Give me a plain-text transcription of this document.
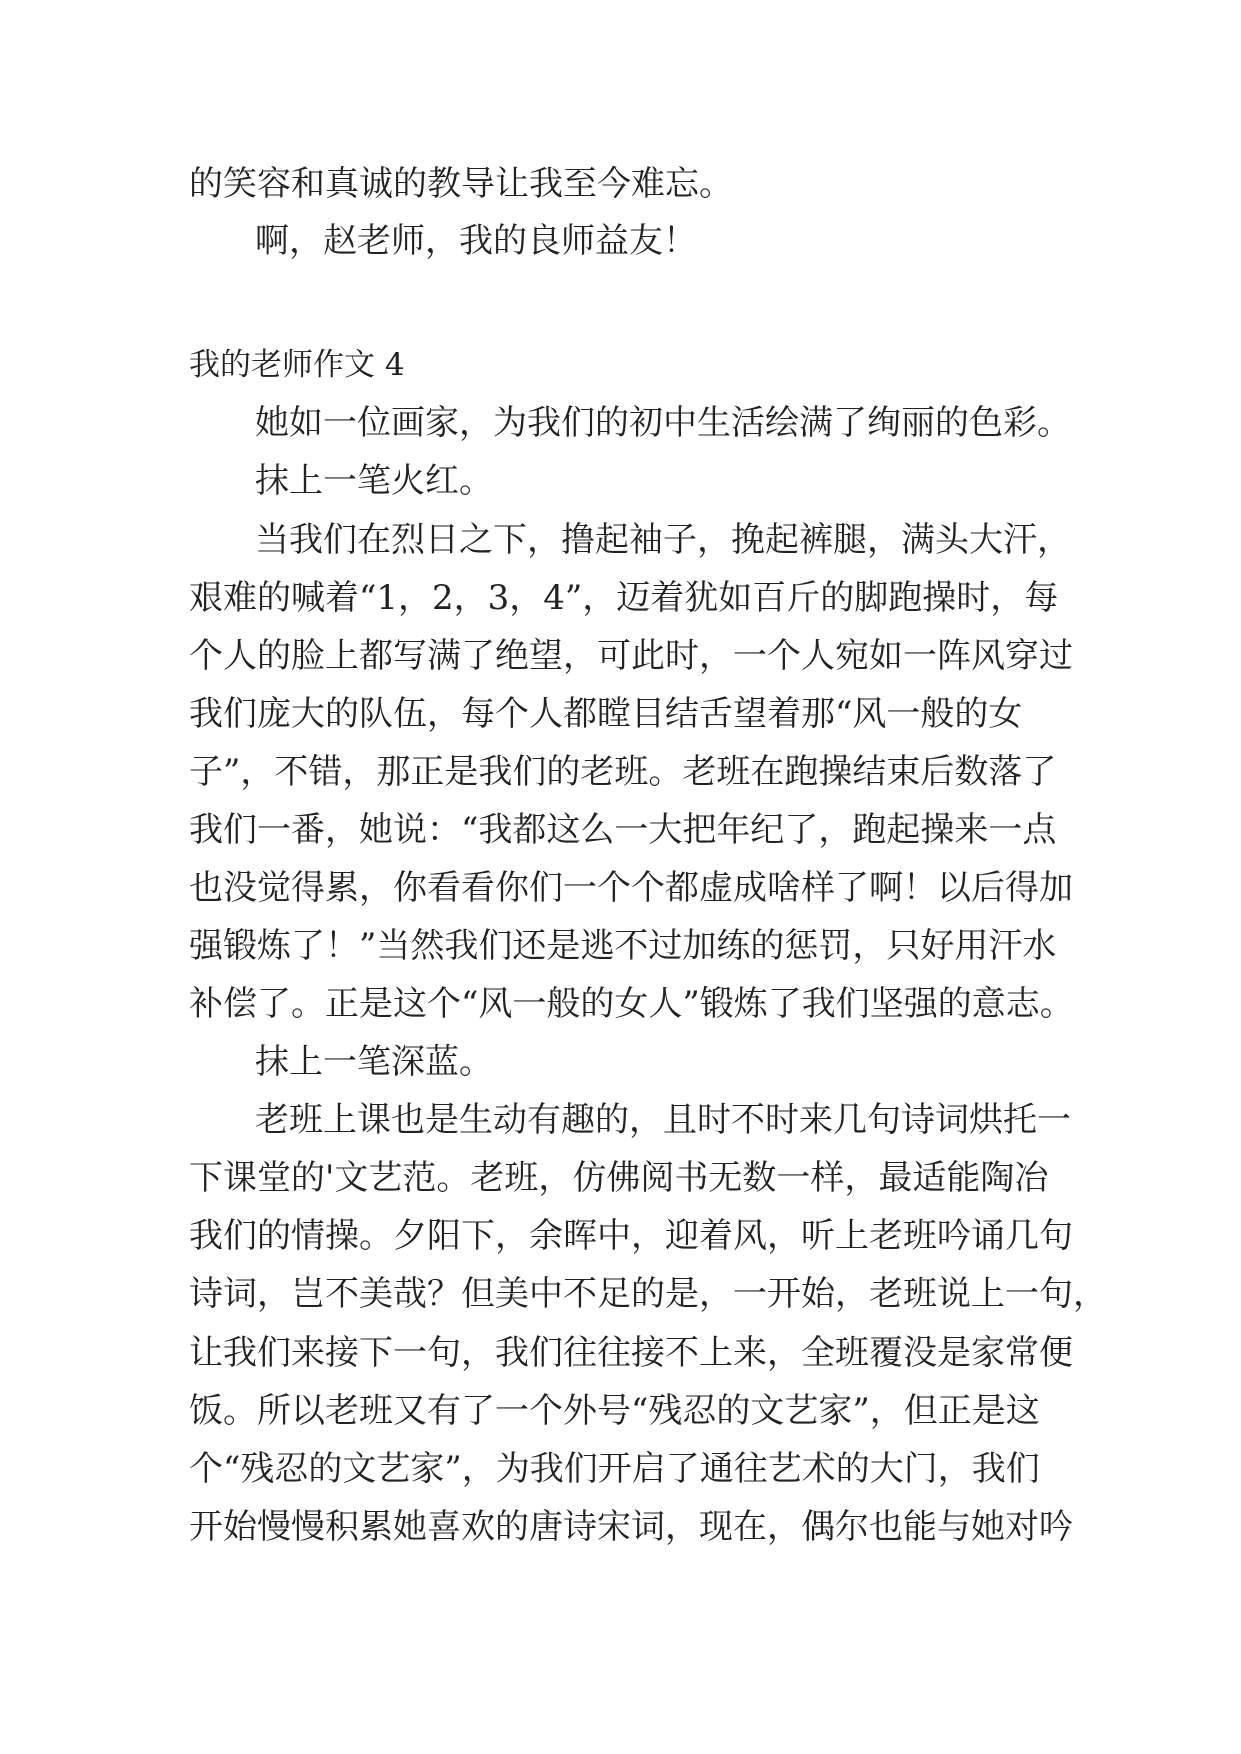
的笑容和真诚的教导让我至今难忘。
啊，赵老师，我的良师益友！
我的老师作文 4
她如一位画家，为我们的初中生活绘满了绚丽的色彩。
抹上一笔火红。
当我们在烈日之下，撸起袖子，挽起裤腿，满头大汗，
艰难的喊着“1，2，3，4”，迈着犹如百斤的脚跑操时，每
个人的脸上都写满了绝望，可此时，一个人宛如一阵风穿过
我们庞大的队伍，每个人都瞠目结舌望着那“风一般的女
子”，不错，那正是我们的老班。老班在跑操结束后数落了
我们一番，她说：“我都这么一大把年纪了，跑起操来一点
也没觉得累，你看看你们一个个都虚成啥样了啊！以后得加
强锻炼了！”当然我们还是逃不过加练的惩罚，只好用汗水
补偿了。正是这个“风一般的女人”锻炼了我们坚强的意志。
抹上一笔深蓝。
老班上课也是生动有趣的，且时不时来几句诗词烘托一
下课堂的'文艺范。老班，仿佛阅书无数一样，最适能陶冶
我们的情操。夕阳下，余晖中，迎着风，听上老班吟诵几句
诗词，岂不美哉？但美中不足的是，一开始，老班说上一句，
让我们来接下一句，我们往往接不上来，全班覆没是家常便
饭。所以老班又有了一个外号“残忍的文艺家”，但正是这
个“残忍的文艺家”，为我们开启了通往艺术的大门，我们
开始慢慢积累她喜欢的唐诗宋词，现在，偶尔也能与她对吟
